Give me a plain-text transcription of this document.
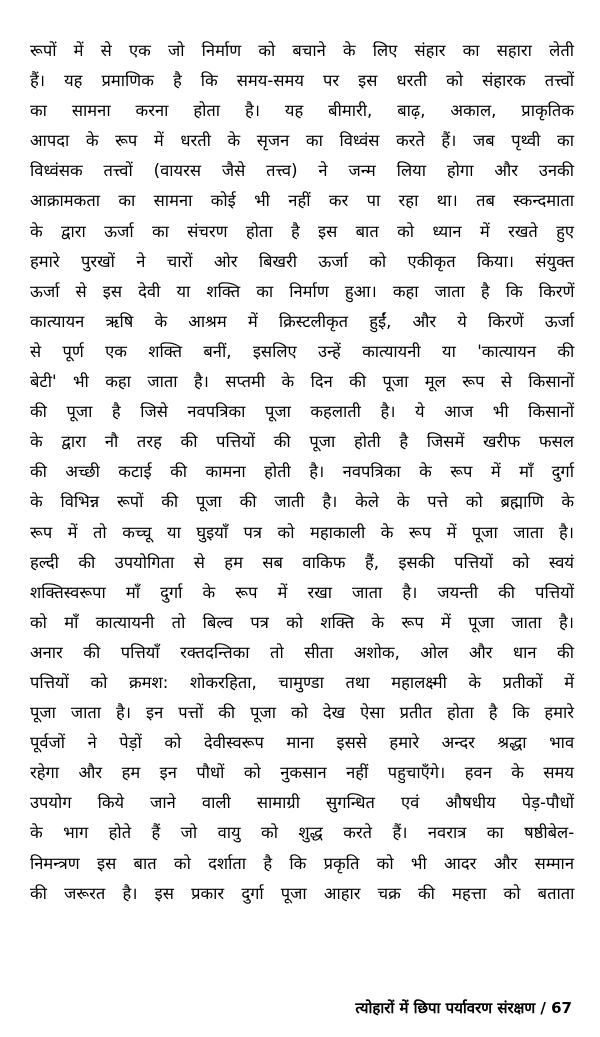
रूपों में से एक जो निर्माण को बचाने के लिए संहार का सहारा लेती
हैं। यह प्रमाणिक है कि समय-समय पर इस धरती को संहारक तत्त्वों
का सामना करना होता है। यह बीमारी, बाढ़, अकाल, प्राकृतिक
आपदा के रूप में धरती के सृजन का विध्वंस करते हैं। जब पृथ्वी का
विध्वंसक तत्त्वों (वायरस जैसे तत्त्व) ने जन्म लिया होगा और उनकी
आक्रामकता का सामना कोई भी नहीं कर पा रहा था। तब स्कन्दमाता
के द्वारा ऊर्जा का संचरण होता है इस बात को ध्यान में रखते हुए
हमारे पुरखों ने चारों ओर बिखरी ऊर्जा को एकीकृत किया। संयुक्त
ऊर्जा से इस देवी या शक्ति का निर्माण हुआ। कहा जाता है कि किरणें
कात्यायन ऋषि के आश्रम में क्रिस्टलीकृत हुईं, और ये किरणें ऊर्जा
से पूर्ण एक शक्ति बनीं, इसलिए उन्हें कात्यायनी या 'कात्यायन की
बेटी' भी कहा जाता है। सप्तमी के दिन की पूजा मूल रूप से किसानों
की पूजा है जिसे नवपत्रिका पूजा कहलाती है। ये आज भी किसानों
के द्वारा नौ तरह की पत्तियों की पूजा होती है जिसमें खरीफ फसल
की अच्छी कटाई की कामना होती है। नवपत्रिका के रूप में माँ दुर्गा
के विभिन्न रूपों की पूजा की जाती है। केले के पत्ते को ब्रह्माणि के
रूप में तो कच्चू या घुइयाँ पत्र को महाकाली के रूप में पूजा जाता है।
हल्दी की उपयोगिता से हम सब वाकिफ हैं, इसकी पत्तियों को स्वयं
शक्तिस्वरूपा माँ दुर्गा के रूप में रखा जाता है। जयन्ती की पत्तियों
को माँ कात्यायनी तो बिल्व पत्र को शक्ति के रूप में पूजा जाता है।
अनार की पत्तियाँ रक्तदन्तिका तो सीता अशोक, ओल और धान की
पत्तियों को क्रमश: शोकरहिता, चामुण्डा तथा महालक्ष्मी के प्रतीकों में
पूजा जाता है। इन पत्तों की पूजा को देख ऐसा प्रतीत होता है कि हमारे
पूर्वजों ने पेड़ों को देवीस्वरूप माना इससे हमारे अन्दर श्रद्धा भाव
रहेगा और हम इन पौधों को नुकसान नहीं पहुचाएँगे। हवन के समय
उपयोग किये जाने वाली सामाग्री सुगन्धित एवं औषधीय पेड़-पौधों
के भाग होते हैं जो वायु को शुद्ध करते हैं। नवरात्र का षष्ठीबेल-
निमन्त्रण इस बात को दर्शाता है कि प्रकृति को भी आदर और सम्मान
की जरूरत है। इस प्रकार दुर्गा पूजा आहार चक्र की महत्ता को बताता
त्योहारों में छिपा पर्यावरण संरक्षण / 67
